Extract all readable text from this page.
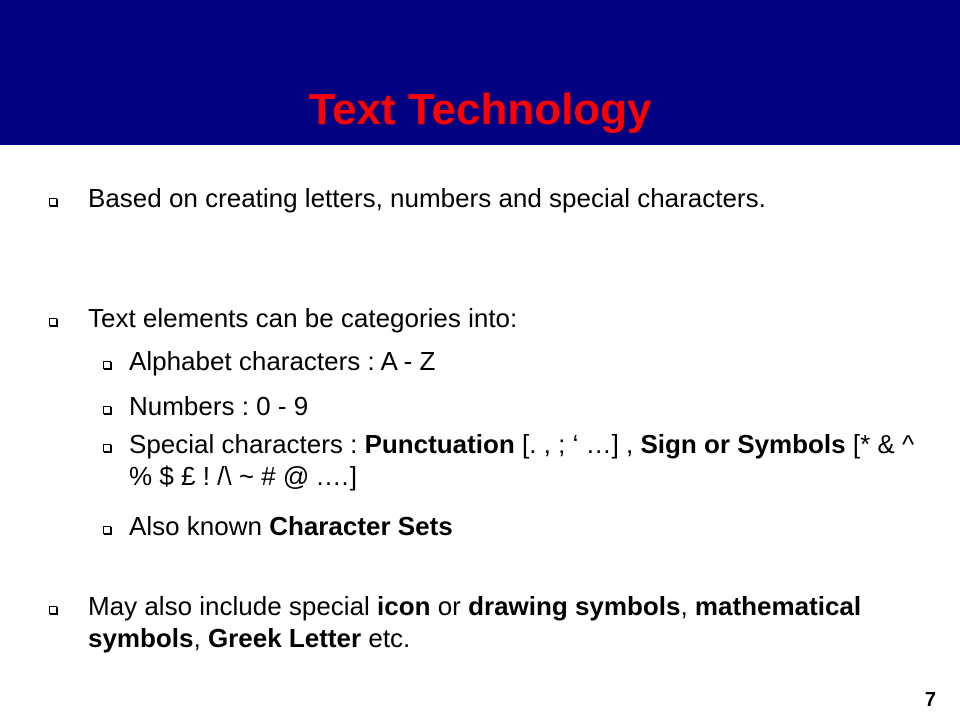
Text Technology
Based on creating letters, numbers and special characters.
Text elements can be categories into:
Alphabet characters : A - Z
Numbers : 0 - 9
Special characters : Punctuation [. , ; ‘ …] , Sign or Symbols [* & ^ % $ £ ! /\ ~ # @ .…]
Also known Character Sets
May also include special icon or drawing symbols, mathematical symbols, Greek Letter etc.
7
